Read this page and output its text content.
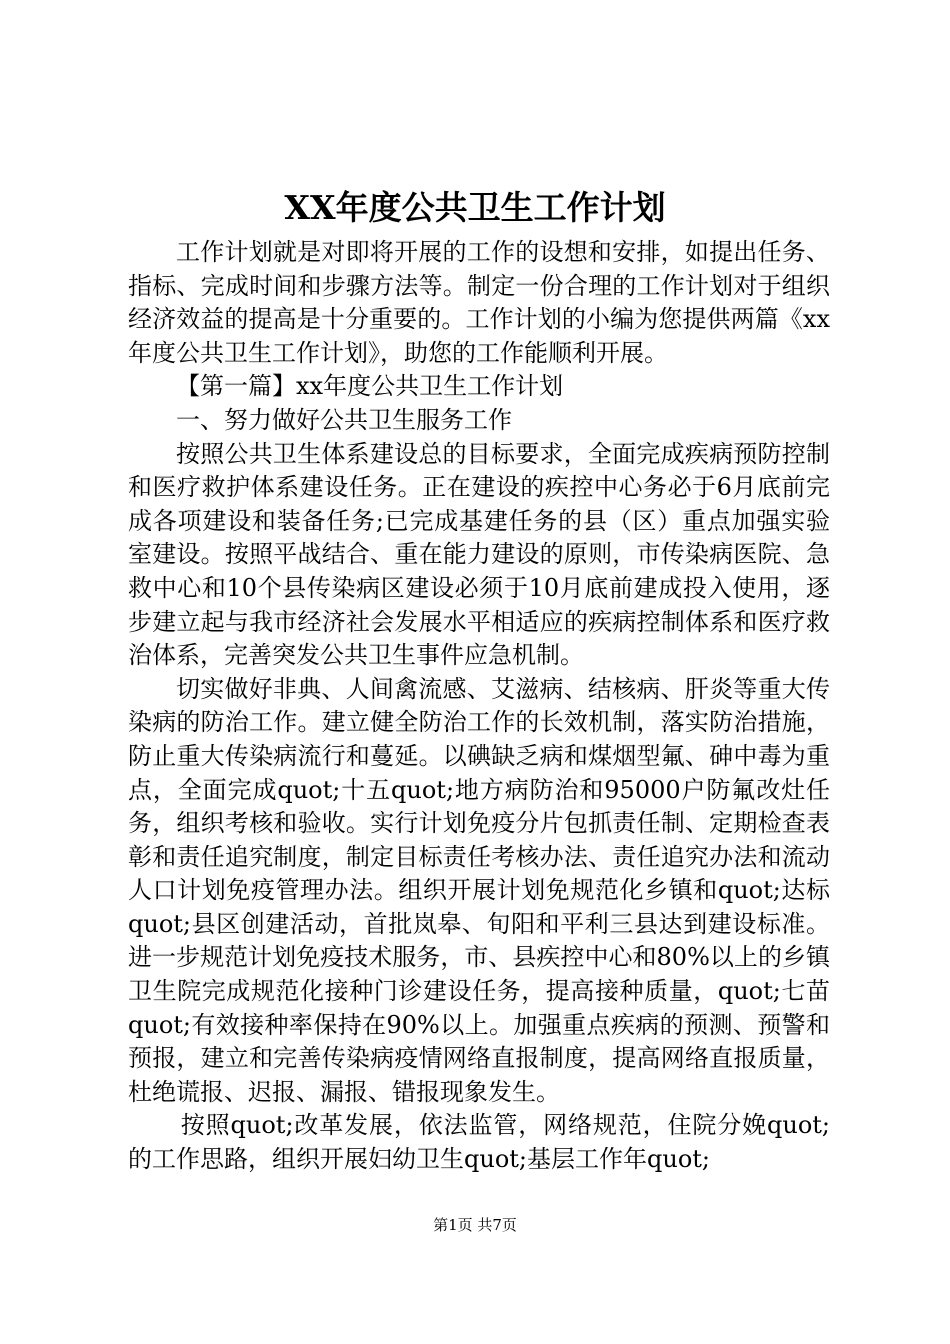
XX年度公共卫生工作计划

工作计划就是对即将开展的工作的设想和安排，如提出任务、指标、完成时间和步骤方法等。制定一份合理的工作计划对于组织经济效益的提高是十分重要的。工作计划的小编为您提供两篇《xx年度公共卫生工作计划》，助您的工作能顺利开展。

【第一篇】xx年度公共卫生工作计划

一、努力做好公共卫生服务工作

按照公共卫生体系建设总的目标要求，全面完成疾病预防控制和医疗救护体系建设任务。正在建设的疾控中心务必于6月底前完成各项建设和装备任务;已完成基建任务的县（区）重点加强实验室建设。按照平战结合、重在能力建设的原则，市传染病医院、急救中心和10个县传染病区建设必须于10月底前建成投入使用，逐步建立起与我市经济社会发展水平相适应的疾病控制体系和医疗救治体系，完善突发公共卫生事件应急机制。

切实做好非典、人间禽流感、艾滋病、结核病、肝炎等重大传染病的防治工作。建立健全防治工作的长效机制，落实防治措施，防止重大传染病流行和蔓延。以碘缺乏病和煤烟型氟、砷中毒为重点，全面完成quot;十五quot;地方病防治和95000户防氟改灶任务，组织考核和验收。实行计划免疫分片包抓责任制、定期检查表彰和责任追究制度，制定目标责任考核办法、责任追究办法和流动人口计划免疫管理办法。组织开展计划免规范化乡镇和quot;达标quot;县区创建活动，首批岚皋、旬阳和平利三县达到建设标准。进一步规范计划免疫技术服务，市、县疾控中心和80%以上的乡镇卫生院完成规范化接种门诊建设任务，提高接种质量，quot;七苗quot;有效接种率保持在90%以上。加强重点疾病的预测、预警和预报，建立和完善传染病疫情网络直报制度，提高网络直报质量，杜绝谎报、迟报、漏报、错报现象发生。

按照quot;改革发展，依法监管，网络规范，住院分娩quot;的工作思路，组织开展妇幼卫生quot;基层工作年quot;

第1页 共7页
